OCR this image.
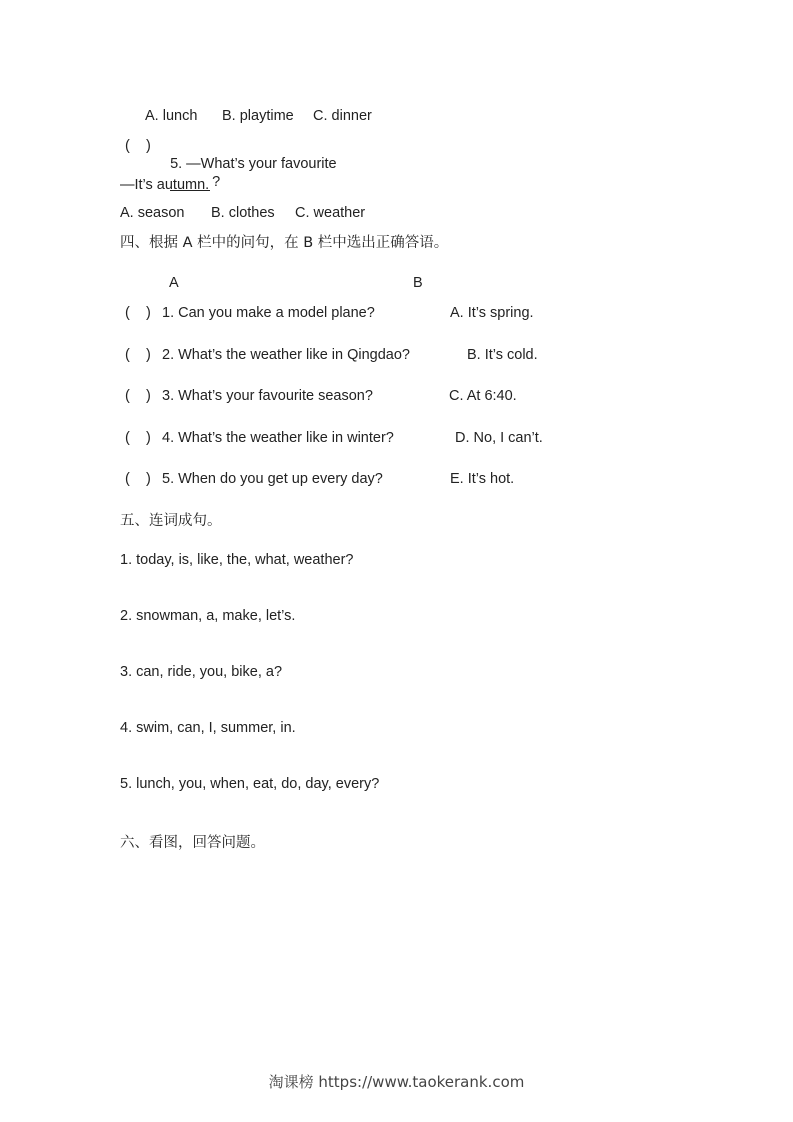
A. lunch B. playtime C. dinner
(    )

5. —What’s your favourite
?

—It’s autumn.
A. season B. clothes C. weather
四、根据 A 栏中的问句，在 B 栏中选出正确答语。
A	B
(    ) 1. Can you make a model plane?	A. It’s spring.
(    ) 2. What’s the weather like in Qingdao?	B. It’s cold.
(    ) 3. What’s your favourite season?	C. At 6:40.
(    ) 4. What’s the weather like in winter?	D. No, I can’t.
(    ) 5. When do you get up every day?	E. It’s hot.
五、连词成句。
1. today, is, like, the, what, weather?
2. snowman, a, make, let’s.
3. can, ride, you, bike, a?
4. swim, can, I, summer, in.
5. lunch, you, when, eat, do, day, every?
六、看图，回答问题。
淘课榜 https://www.taokerank.com
